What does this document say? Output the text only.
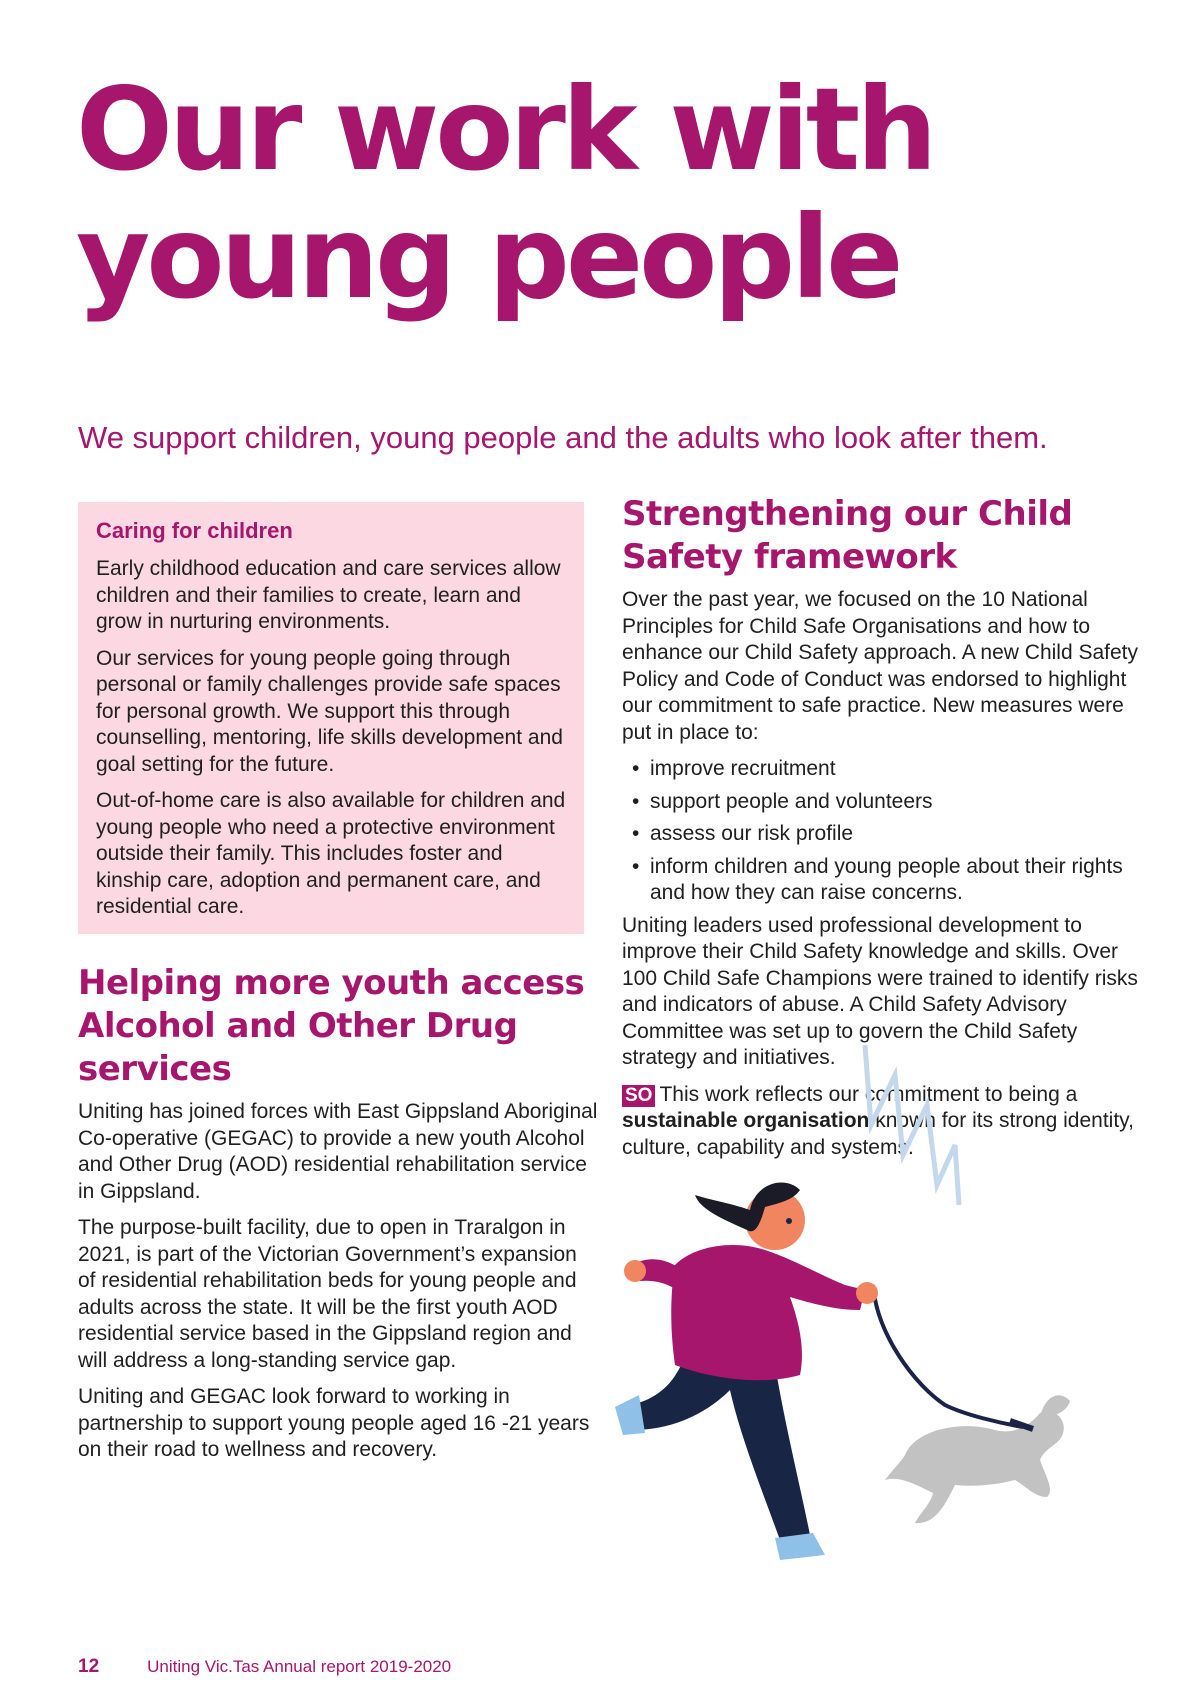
Our work with
young people

We support children, young people and the adults who look after them.

Caring for children

Early childhood education and care services allow children and their families to create, learn and grow in nurturing environments.

Our services for young people going through personal or family challenges provide safe spaces for personal growth. We support this through counselling, mentoring, life skills development and goal setting for the future.

Out-of-home care is also available for children and young people who need a protective environment outside their family. This includes foster and kinship care, adoption and permanent care, and residential care.

Helping more youth access Alcohol and Other Drug services

Uniting has joined forces with East Gippsland Aboriginal Co-operative (GEGAC) to provide a new youth Alcohol and Other Drug (AOD) residential rehabilitation service in Gippsland.

The purpose-built facility, due to open in Traralgon in 2021, is part of the Victorian Government’s expansion of residential rehabilitation beds for young people and adults across the state. It will be the first youth AOD residential service based in the Gippsland region and will address a long-standing service gap.

Uniting and GEGAC look forward to working in partnership to support young people aged 16 -21 years on their road to wellness and recovery.

Strengthening our Child Safety framework

Over the past year, we focused on the 10 National Principles for Child Safe Organisations and how to enhance our Child Safety approach. A new Child Safety Policy and Code of Conduct was endorsed to highlight our commitment to safe practice. New measures were put in place to:

• improve recruitment
• support people and volunteers
• assess our risk profile
• inform children and young people about their rights and how they can raise concerns.

Uniting leaders used professional development to improve their Child Safety knowledge and skills. Over 100 Child Safe Champions were trained to identify risks and indicators of abuse. A Child Safety Advisory Committee was set up to govern the Child Safety strategy and initiatives.

SO This work reflects our commitment to being a sustainable organisation known for its strong identity, culture, capability and systems.

12	Uniting Vic.Tas Annual report 2019-2020
